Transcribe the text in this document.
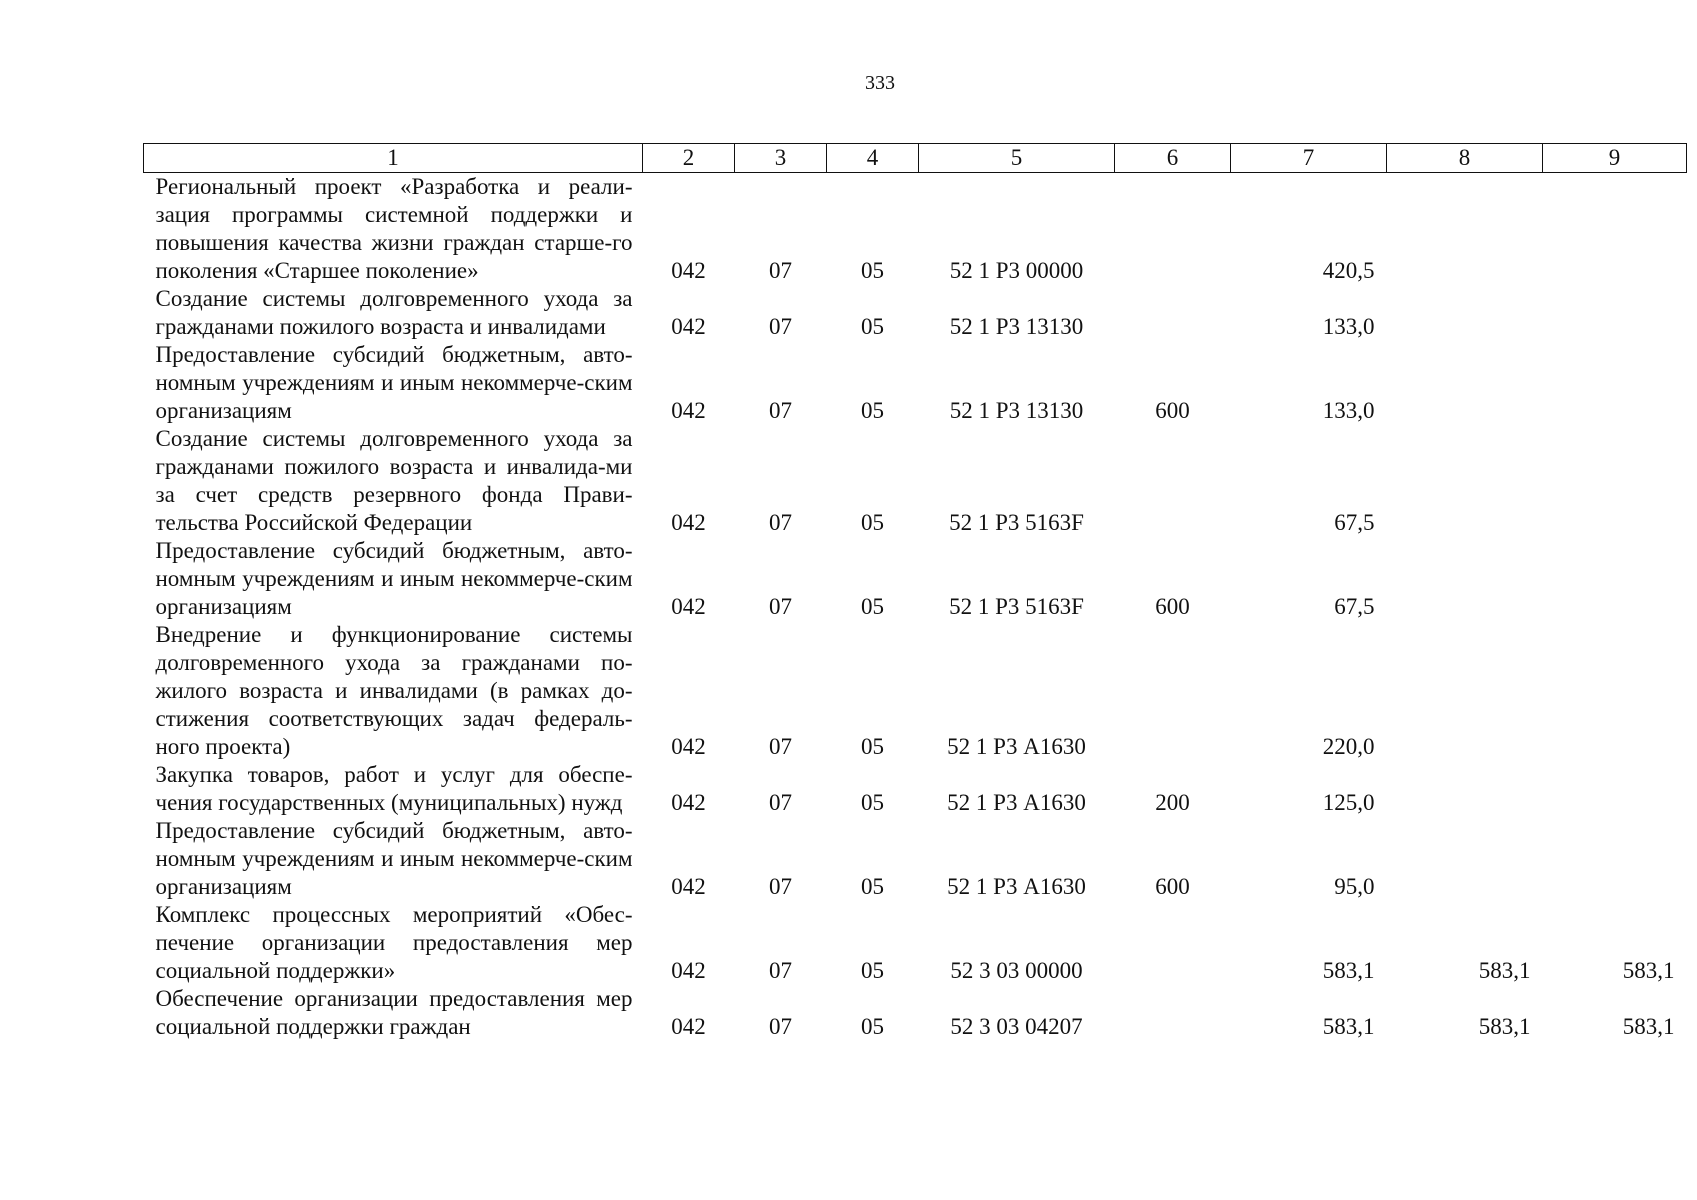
333
1	2	3	4	5	6	7	8	9
Региональный проект «Разработка и реали-зация программы системной поддержки и повышения качества жизни граждан старше-го поколения «Старшее поколение»	042	07	05	52 1 Р3 00000		420,5		
Создание системы долговременного ухода за гражданами пожилого возраста и инвалидами	042	07	05	52 1 Р3 13130		133,0		
Предоставление субсидий бюджетным, авто-номным учреждениям и иным некоммерче-ским организациям	042	07	05	52 1 Р3 13130	600	133,0		
Создание системы долговременного ухода за гражданами пожилого возраста и инвалида-ми за счет средств резервного фонда Прави-тельства Российской Федерации	042	07	05	52 1 Р3 5163F		67,5		
Предоставление субсидий бюджетным, авто-номным учреждениям и иным некоммерче-ским организациям	042	07	05	52 1 Р3 5163F	600	67,5		
Внедрение и функционирование системы долговременного ухода за гражданами по-жилого возраста и инвалидами (в рамках до-стижения соответствующих задач федераль-ного проекта)	042	07	05	52 1 Р3 А1630		220,0		
Закупка товаров, работ и услуг для обеспе-чения государственных (муниципальных) нужд	042	07	05	52 1 Р3 А1630	200	125,0		
Предоставление субсидий бюджетным, авто-номным учреждениям и иным некоммерче-ским организациям	042	07	05	52 1 Р3 А1630	600	95,0		
Комплекс процессных мероприятий «Обес-печение организации предоставления мер социальной поддержки»	042	07	05	52 3 03 00000		583,1	583,1	583,1
Обеспечение организации предоставления мер социальной поддержки граждан	042	07	05	52 3 03 04207		583,1	583,1	583,1
